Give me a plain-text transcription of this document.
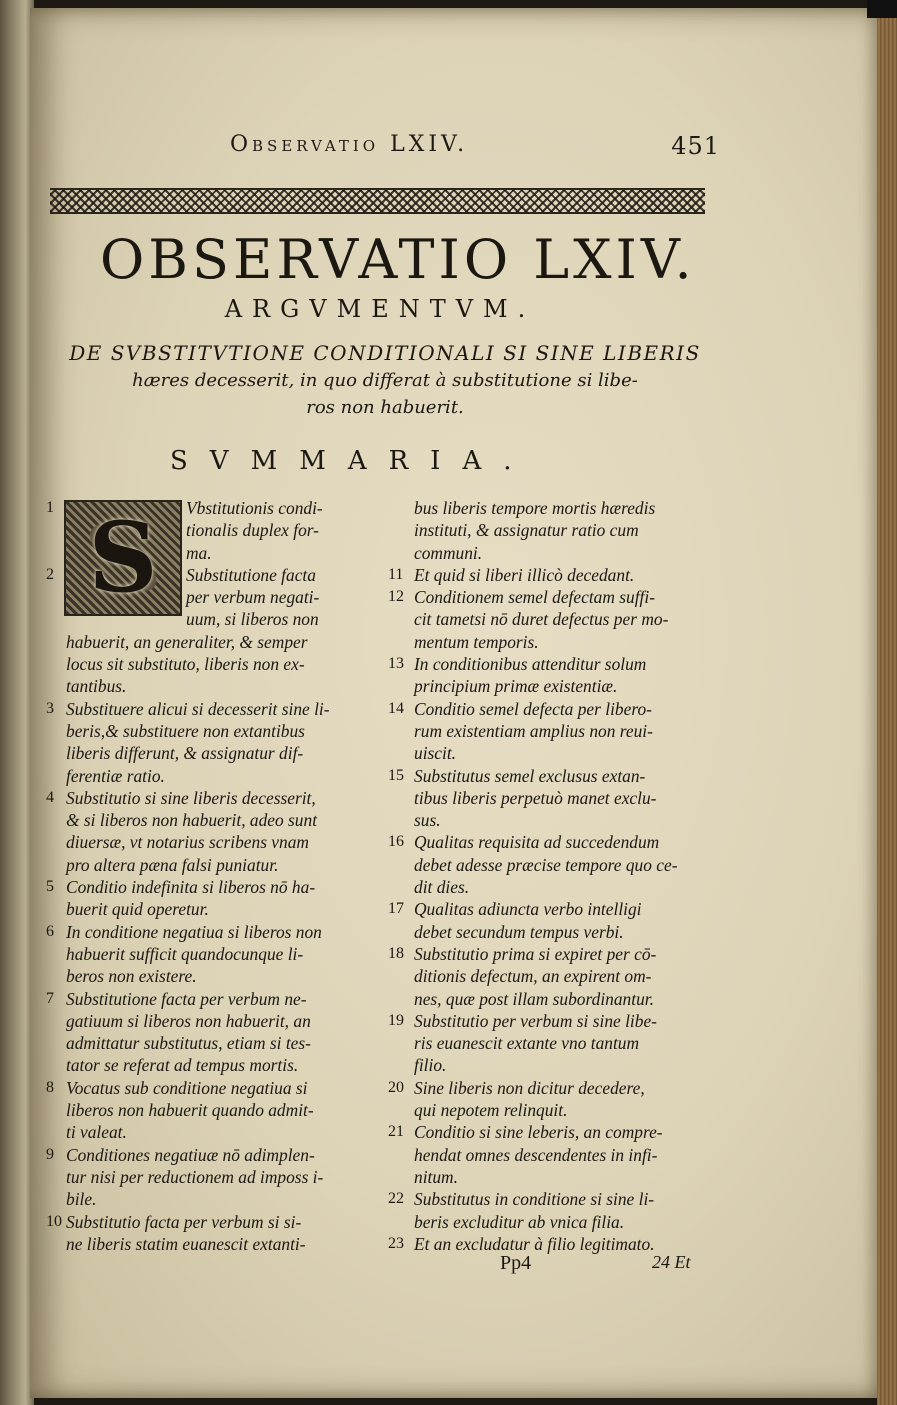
Observatio LXIV.	451
OBSERVATIO LXIV.
ARGVMENTVM.
DE SVBSTITVTIONE CONDITIONALI SI SINE LIBERIS
hæres decesserit, in quo differat à substitutione si libe-
ros non habuerit.
SVMMARIA.
S
1	Vbstitutionis condi-
tionalis duplex for-
ma.
2	Substitutione facta
per verbum negati-
uum, si liberos non
habuerit, an generaliter, & semper
locus sit substituto, liberis non ex-
tantibus.
3 Substituere alicui si decesserit sine li-
beris,& substituere non extantibus
liberis differunt, & assignatur dif-
ferentiæ ratio.
4 Substitutio si sine liberis decesserit,
& si liberos non habuerit, adeo sunt
diuersæ, vt notarius scribens vnam
pro altera pæna falsi puniatur.
5 Conditio indefinita si liberos nō ha-
buerit quid operetur.
6 In conditione negatiua si liberos non
habuerit sufficit quandocunque li-
beros non existere.
7 Substitutione facta per verbum ne-
gatiuum si liberos non habuerit, an
admittatur substitutus, etiam si tes-
tator se referat ad tempus mortis.
8 Vocatus sub conditione negatiua si
liberos non habuerit quando admit-
ti valeat.
9 Conditiones negatiuæ nō adimplen-
tur nisi per reductionem ad imposs i-
bile.
10 Substitutio facta per verbum si si-
ne liberis statim euanescit extanti-
bus liberis tempore mortis hæredis
instituti, & assignatur ratio cum
communi.
11 Et quid si liberi illicò decedant.
12 Conditionem semel defectam suffi-
cit tametsi nō duret defectus per mo-
mentum temporis.
13 In conditionibus attenditur solum
principium primæ existentiæ.
14 Conditio semel defecta per libero-
rum existentiam amplius non reui-
uiscit.
15 Substitutus semel exclusus extan-
tibus liberis perpetuò manet exclu-
sus.
16 Qualitas requisita ad succedendum
debet adesse præcise tempore quo ce-
dit dies.
17 Qualitas adiuncta verbo intelligi
debet secundum tempus verbi.
18 Substitutio prima si expiret per cō-
ditionis defectum, an expirent om-
nes, quæ post illam subordinantur.
19 Substitutio per verbum si sine libe-
ris euanescit extante vno tantum
filio.
20 Sine liberis non dicitur decedere,
qui nepotem relinquit.
21 Conditio si sine leberis, an compre-
hendat omnes descendentes in infi-
nitum.
22 Substitutus in conditione si sine li-
beris excluditur ab vnica filia.
23 Et an excludatur à filio legitimato.
Pp4	24 Et
